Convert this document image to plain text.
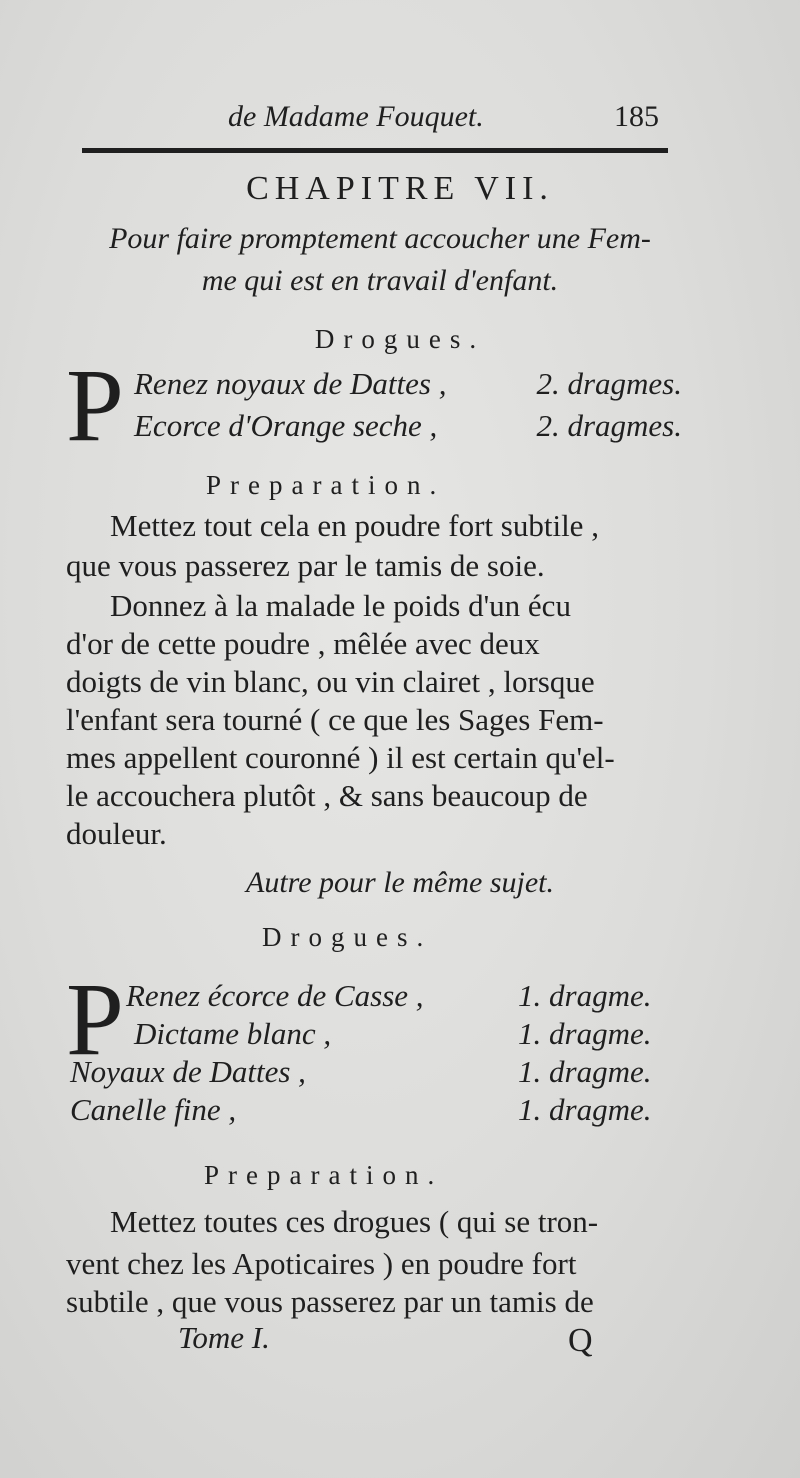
de Madame Fouquet.	185
CHAPITRE VII.
Pour faire promptement accoucher une Fem-
me qui est en travail d'enfant.
Drogues.
P Renez noyaux de Dattes ,	2. dragmes.
Ecorce d'Orange seche ,	2. dragmes.
Preparation.
Mettez tout cela en poudre fort subtile ,
que vous passerez par le tamis de soie.
Donnez à la malade le poids d'un écu
d'or de cette poudre , mêlée avec deux
doigts de vin blanc, ou vin clairet , lorsque
l'enfant sera tourné ( ce que les Sages Fem-
mes appellent couronné ) il est certain qu'el-
le accouchera plutôt , & sans beaucoup de
douleur.
Autre pour le même sujet.
Drogues.
P Renez écorce de Casse ,	1. dragme.
Dictame blanc ,	1. dragme.
Noyaux de Dattes ,	1. dragme.
Canelle fine ,	1. dragme.
Preparation.
Mettez toutes ces drogues ( qui se tron-
vent chez les Apoticaires ) en poudre fort
subtile , que vous passerez par un tamis de
Tome I.	Q
